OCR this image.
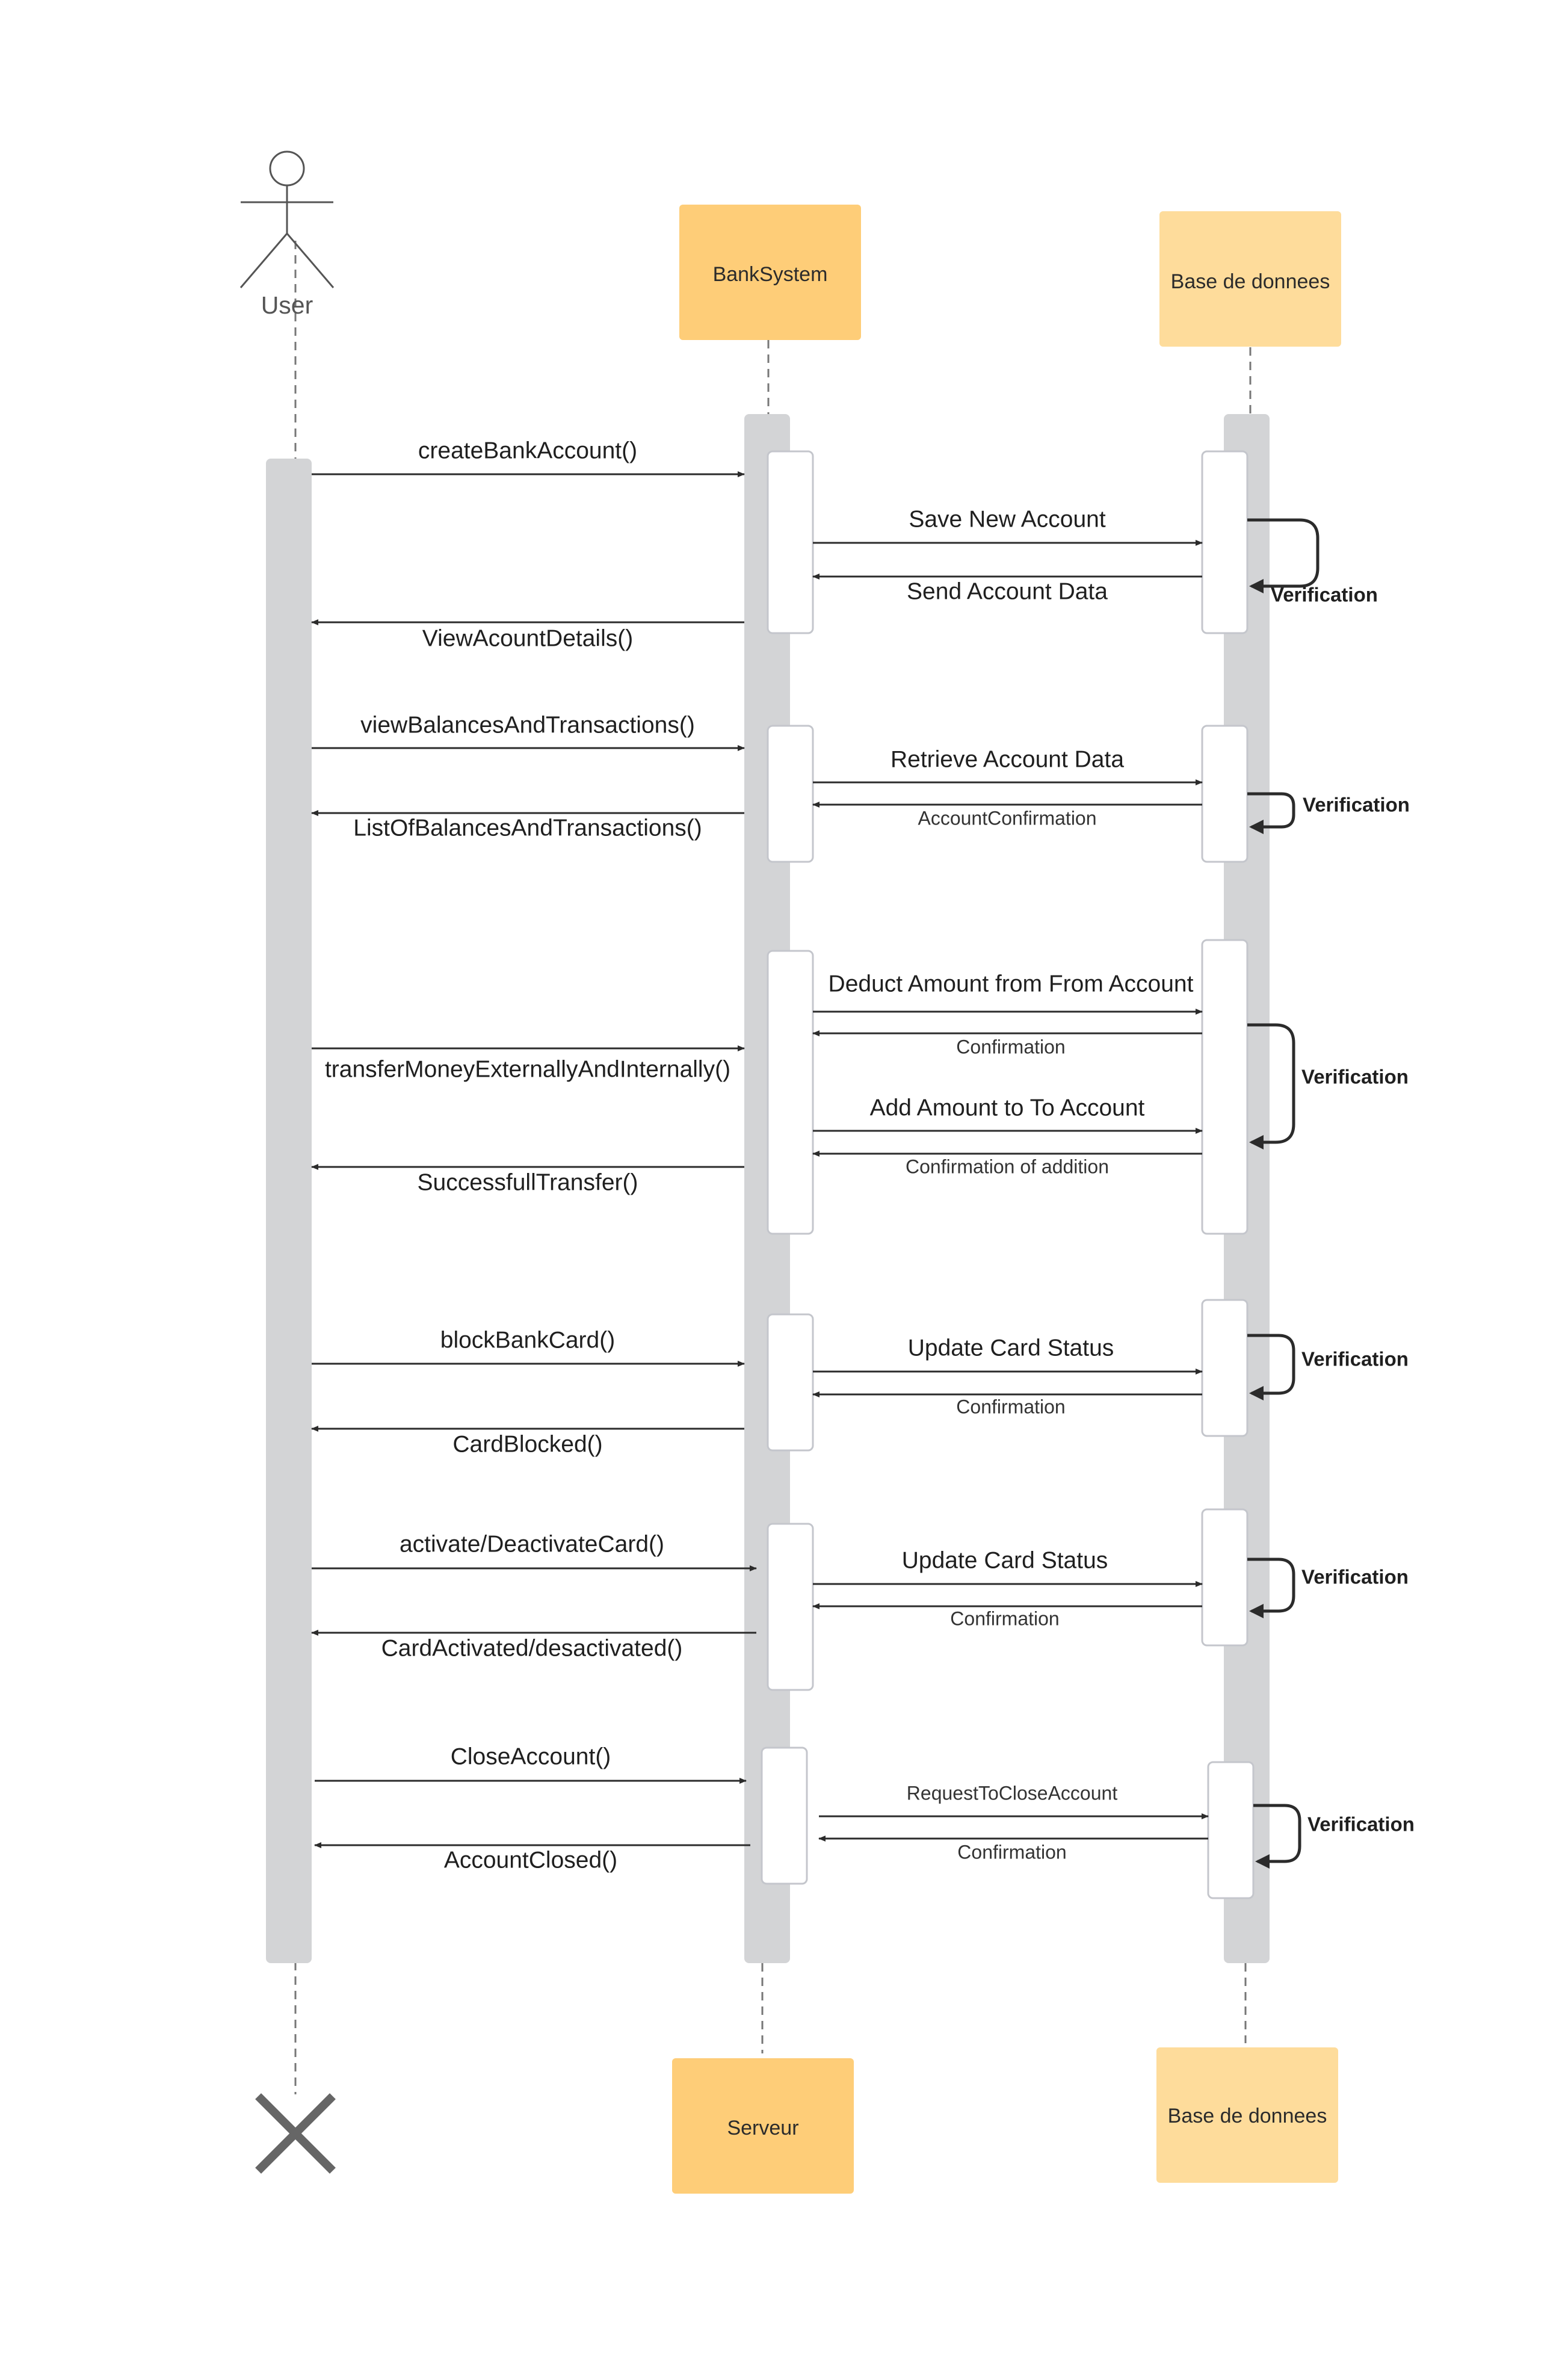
BankSystem	Base de donnees
Serveur
Base de donnees
User
createBankAccount()
Save New Account
Send Account Data
ViewAcountDetails()
viewBalancesAndTransactions()
Retrieve Account Data
AccountConfirmation
ListOfBalancesAndTransactions()
Deduct Amount from From Account
Confirmation
transferMoneyExternallyAndInternally()
Add Amount to To Account
Confirmation of addition
SuccessfullTransfer()
blockBankCard()	Update Card Status
Confirmation
CardBlocked()
activate/DeactivateCard()
Update Card Status
Confirmation
CardActivated/desactivated()
CloseAccount()
RequestToCloseAccount
Confirmation
AccountClosed()
Verification
Verification
Verification
Verification
Verification
Verification
